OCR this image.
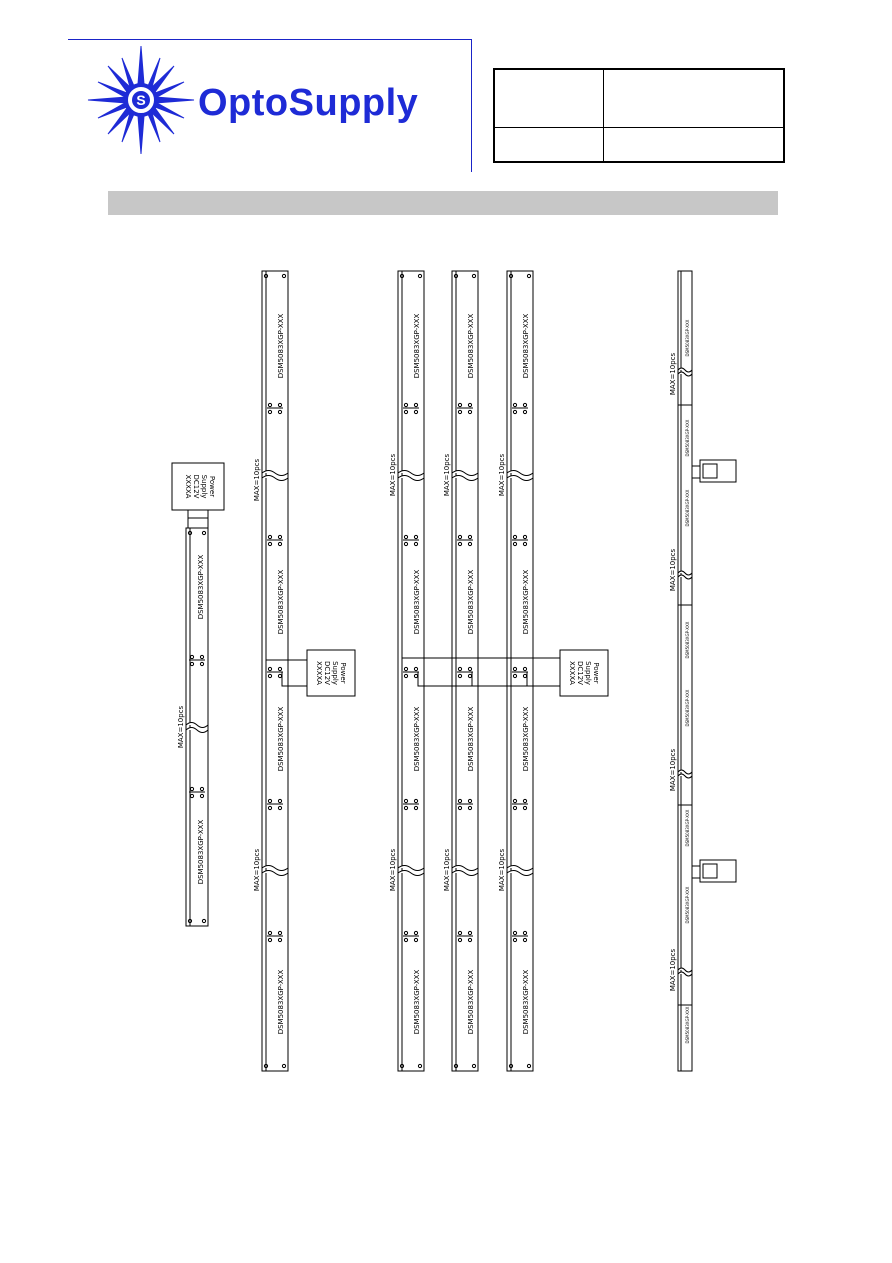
S OptoSupply
Power
Supply
DC12V
XXXXA
DSM5083XGP-XXX
DSM5083XGP-XXX
MAX=10pcs
DSM5083XGP-XXX
DSM5083XGP-XXX
DSM5083XGP-XXX
DSM5083XGP-XXX
MAX=10pcs
MAX=10pcs
Power
Supply
DC12V
XXXXA
DSM5083XGP-XXX
DSM5083XGP-XXX
DSM5083XGP-XXX
DSM5083XGP-XXX
MAX=10pcs
MAX=10pcs
DSM5083XGP-XXX
DSM5083XGP-XXX
DSM5083XGP-XXX
DSM5083XGP-XXX
MAX=10pcs
MAX=10pcs
DSM5083XGP-XXX
DSM5083XGP-XXX
DSM5083XGP-XXX
DSM5083XGP-XXX
MAX=10pcs
MAX=10pcs
Power
Supply
DC12V
XXXXA
DSM5083XGP-XXX
DSM5083XGP-XXX
DSM5083XGP-XXX
DSM5083XGP-XXX
DSM5083XGP-XXX
DSM5083XGP-XXX
DSM5083XGP-XXX
DSM5083XGP-XXX
MAX=10pcs
MAX=10pcs
MAX=10pcs
MAX=10pcs
